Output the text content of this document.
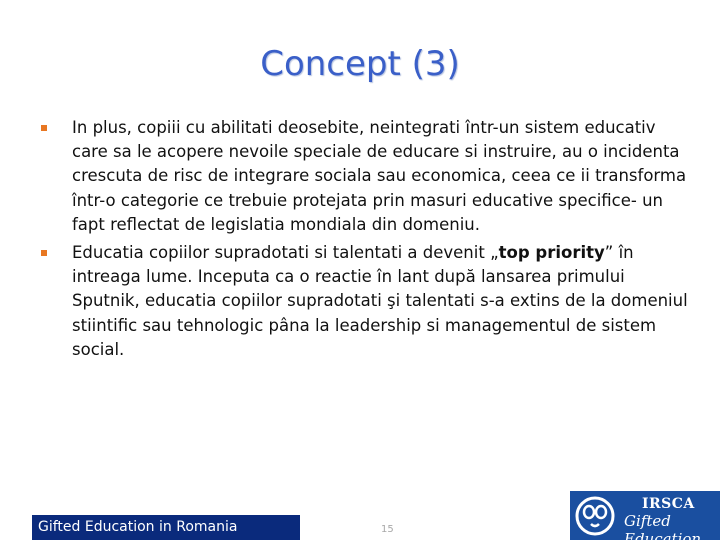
Concept (3)
In plus, copiii cu abilitati deosebite, neintegrati într-un sistem educativ care sa le acopere nevoile speciale de educare si instruire, au o incidenta crescuta de risc de integrare sociala sau economica, ceea ce ii transforma într-o categorie ce trebuie protejata prin masuri educative specifice- un fapt reflectat de legislatia mondiala din domeniu.
Educatia copiilor supradotati si talentati a devenit „top priority” în intreaga lume. Inceputa ca o reactie în lant după lansarea primului Sputnik, educatia copiilor supradotati şi talentati s-a extins de la domeniul stiintific sau tehnologic pâna la leadership si managementul de sistem social.
Gifted Education in Romania	15
IRSCA
Gifted Education
